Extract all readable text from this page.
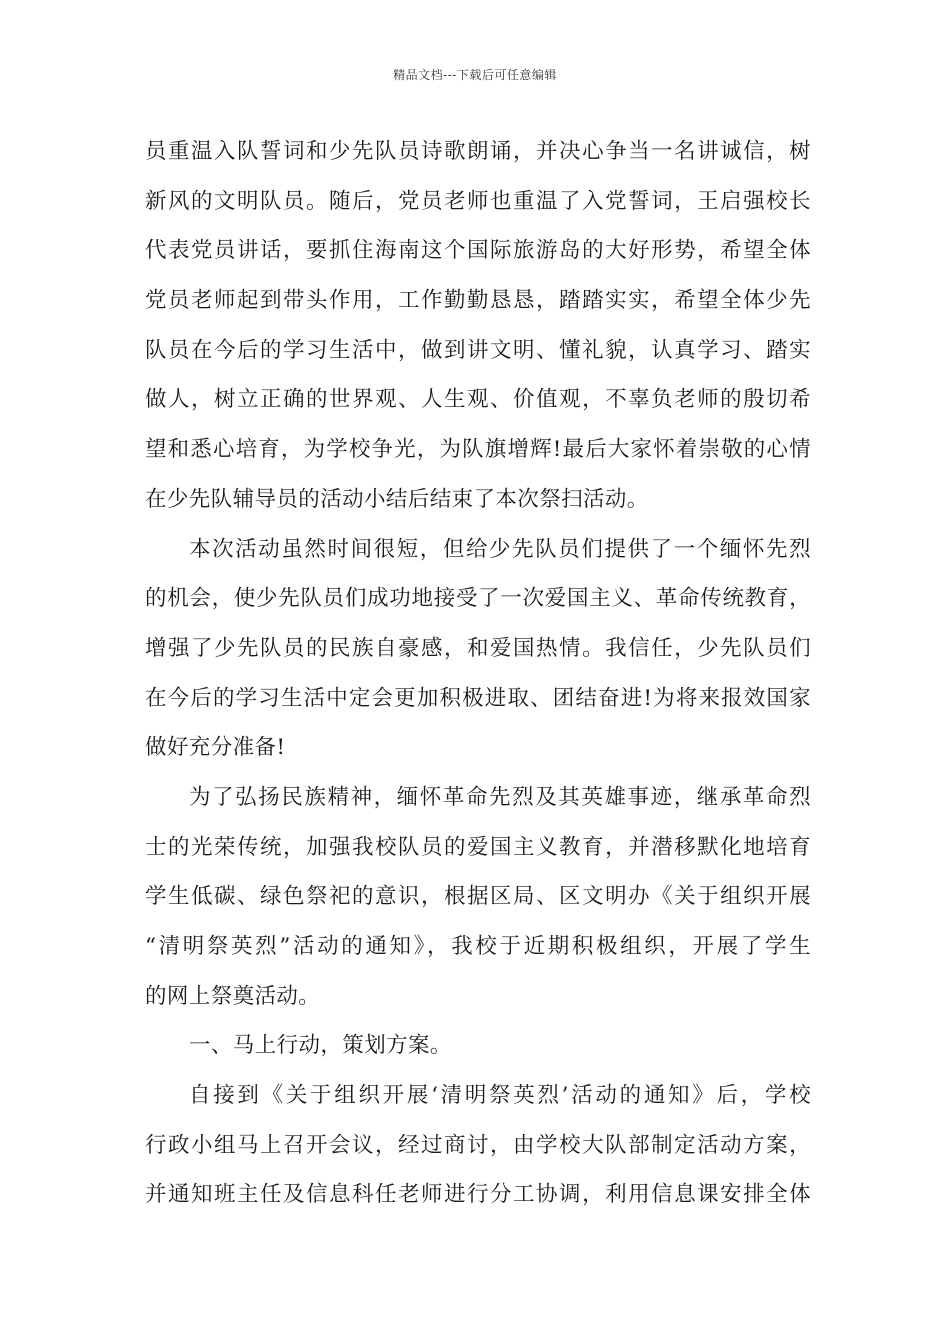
精品文档---下载后可任意编辑
员重温入队誓词和少先队员诗歌朗诵，并决心争当一名讲诚信，树
新风的文明队员。随后，党员老师也重温了入党誓词，王启强校长
代表党员讲话，要抓住海南这个国际旅游岛的大好形势，希望全体
党员老师起到带头作用，工作勤勤恳恳，踏踏实实，希望全体少先
队员在今后的学习生活中，做到讲文明、懂礼貌，认真学习、踏实
做人，树立正确的世界观、人生观、价值观，不辜负老师的殷切希
望和悉心培育，为学校争光，为队旗增辉!最后大家怀着崇敬的心情
在少先队辅导员的活动小结后结束了本次祭扫活动。
本次活动虽然时间很短，但给少先队员们提供了一个缅怀先烈
的机会，使少先队员们成功地接受了一次爱国主义、革命传统教育，
增强了少先队员的民族自豪感，和爱国热情。我信任，少先队员们
在今后的学习生活中定会更加积极进取、团结奋进!为将来报效国家
做好充分准备!
为了弘扬民族精神，缅怀革命先烈及其英雄事迹，继承革命烈
士的光荣传统，加强我校队员的爱国主义教育，并潜移默化地培育
学生低碳、绿色祭祀的意识，根据区局、区文明办《关于组织开展
“清明祭英烈”活动的通知》，我校于近期积极组织，开展了学生
的网上祭奠活动。
一、马上行动，策划方案。
自接到《关于组织开展‘清明祭英烈’活动的通知》后，学校
行政小组马上召开会议，经过商讨，由学校大队部制定活动方案，
并通知班主任及信息科任老师进行分工协调，利用信息课安排全体
